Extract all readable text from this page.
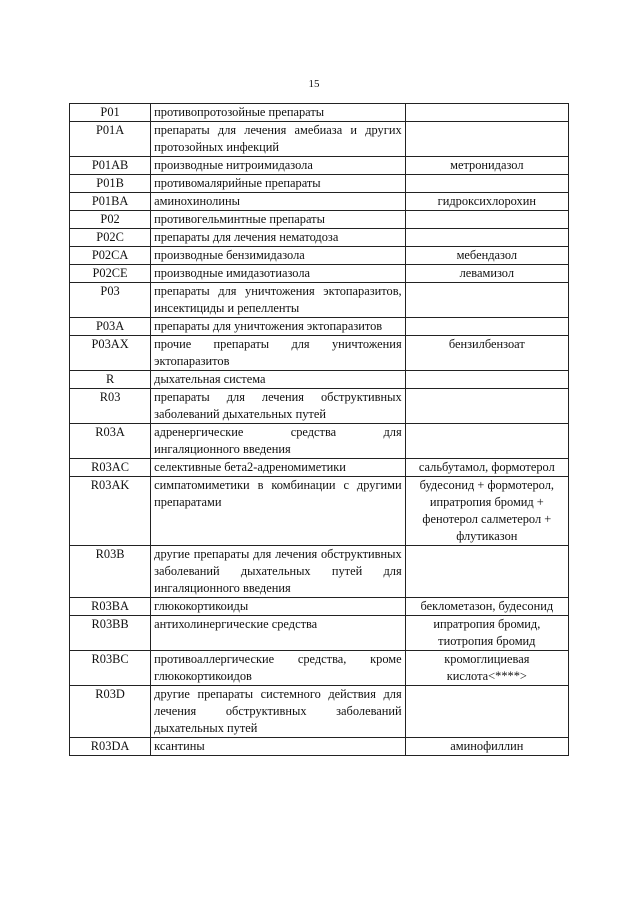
15
P01	противопротозойные препараты	
P01A	препараты для лечения амебиаза и других протозойных инфекций	
P01AB	производные нитроимидазола	метронидазол
P01B	противомалярийные препараты	
P01BA	аминохинолины	гидроксихлорохин
P02	противогельминтные препараты	
P02C	препараты для лечения нематодоза	
P02CA	производные бензимидазола	мебендазол
P02CE	производные имидазотиазола	левамизол
P03	препараты для уничтожения эктопаразитов, инсектициды и репелленты	
P03A	препараты для уничтожения эктопаразитов	
P03AX	прочие препараты для уничтожения эктопаразитов	бензилбензоат
R	дыхательная система	
R03	препараты для лечения обструктивных заболеваний дыхательных путей	
R03A	адренергические средства для ингаляционного введения	
R03AC	селективные бета2-адреномиметики	сальбутамол, формотерол
R03AK	симпатомиметики в комбинации с другими препаратами	будесонид + формотерол, ипратропия бромид + фенотерол салметерол + флутиказон
R03B	другие препараты для лечения обструктивных заболеваний дыхательных путей для ингаляционного введения	
R03BA	глюкокортикоиды	беклометазон, будесонид
R03BB	антихолинергические средства	ипратропия бромид, тиотропия бромид
R03BC	противоаллергические средства, кроме глюкокортикоидов	кромоглициевая кислота<****>
R03D	другие препараты системного действия для лечения обструктивных заболеваний дыхательных путей	
R03DA	ксантины	аминофиллин
